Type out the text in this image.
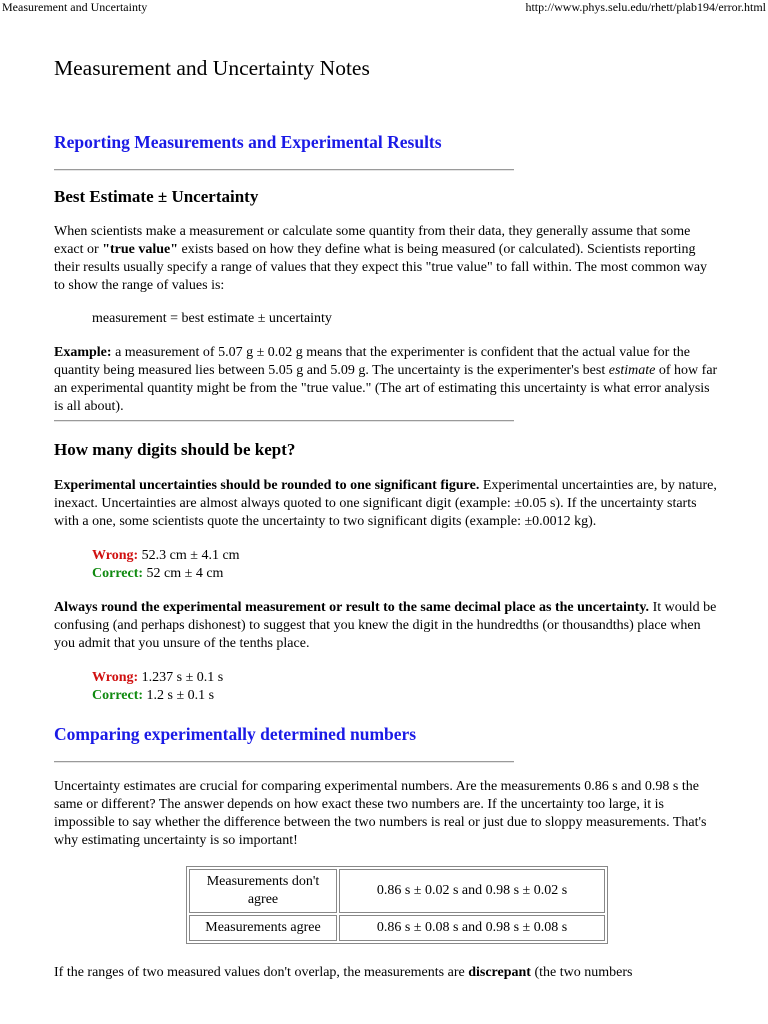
Measurement and Uncertainty	http://www.phys.selu.edu/rhett/plab194/error.html
Measurement and Uncertainty Notes
Reporting Measurements and Experimental Results
Best Estimate ± Uncertainty

When scientists make a measurement or calculate some quantity from their data, they generally assume that some exact or "true value" exists based on how they define what is being measured (or calculated). Scientists reporting their results usually specify a range of values that they expect this "true value" to fall within. The most common way to show the range of values is:

measurement = best estimate ± uncertainty

Example: a measurement of 5.07 g ± 0.02 g means that the experimenter is confident that the actual value for the quantity being measured lies between 5.05 g and 5.09 g. The uncertainty is the experimenter's best estimate of how far an experimental quantity might be from the "true value." (The art of estimating this uncertainty is what error analysis is all about).

How many digits should be kept?

Experimental uncertainties should be rounded to one significant figure. Experimental uncertainties are, by nature, inexact. Uncertainties are almost always quoted to one significant digit (example: ±0.05 s). If the uncertainty starts with a one, some scientists quote the uncertainty to two significant digits (example: ±0.0012 kg).

Wrong: 52.3 cm ± 4.1 cm
Correct: 52 cm ± 4 cm

Always round the experimental measurement or result to the same decimal place as the uncertainty. It would be confusing (and perhaps dishonest) to suggest that you knew the digit in the hundredths (or thousandths) place when you admit that you unsure of the tenths place.

Wrong: 1.237 s ± 0.1 s
Correct: 1.2 s ± 0.1 s
Comparing experimentally determined numbers

Uncertainty estimates are crucial for comparing experimental numbers. Are the measurements 0.86 s and 0.98 s the same or different? The answer depends on how exact these two numbers are. If the uncertainty too large, it is impossible to say whether the difference between the two numbers is real or just due to sloppy measurements. That's why estimating uncertainty is so important!

Measurements don't agree	0.86 s ± 0.02 s and 0.98 s ± 0.02 s
Measurements agree	0.86 s ± 0.08 s and 0.98 s ± 0.08 s

If the ranges of two measured values don't overlap, the measurements are discrepant (the two numbers
